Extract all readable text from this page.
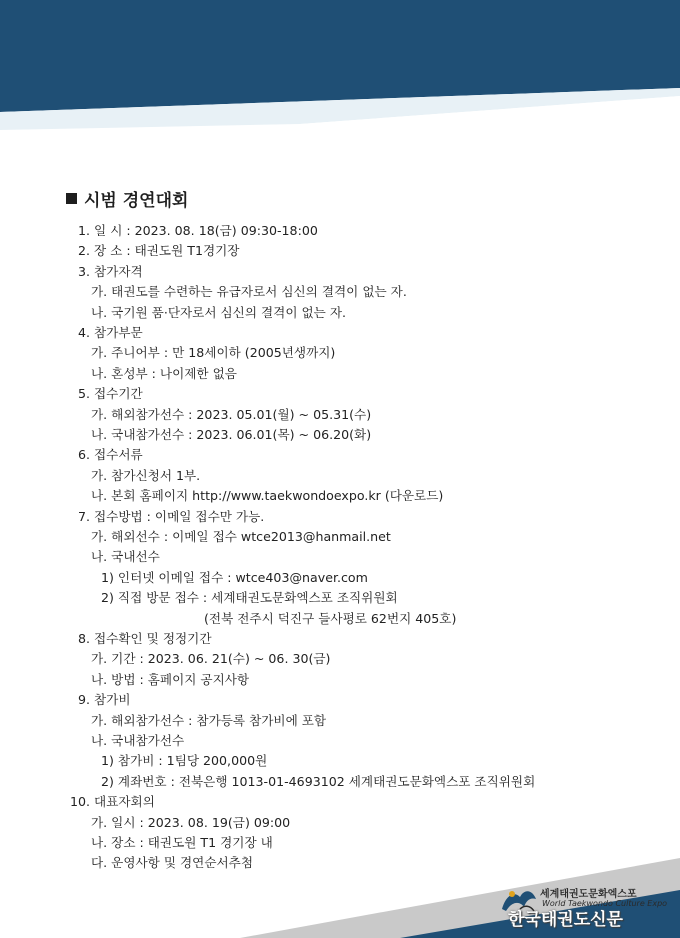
시범 경연대회
1. 일 시 : 2023. 08. 18(금) 09:30-18:00
2. 장 소 : 태권도원 T1경기장
3. 참가자격
가. 태권도를 수련하는 유급자로서 심신의 결격이 없는 자.
나. 국기원 품·단자로서 심신의 결격이 없는 자.
4. 참가부문
가. 주니어부 : 만 18세이하 (2005년생까지)
나. 혼성부 : 나이제한 없음
5. 접수기간
가. 해외참가선수 : 2023. 05.01(월) ~ 05.31(수)
나. 국내참가선수 : 2023. 06.01(목) ~ 06.20(화)
6. 접수서류
가. 참가신청서 1부.
나. 본회 홈페이지 http://www.taekwondoexpo.kr (다운로드)
7. 접수방법 : 이메일 접수만 가능.
가. 해외선수 : 이메일 접수 wtce2013@hanmail.net
나. 국내선수
1) 인터넷 이메일 접수 : wtce403@naver.com
2) 직접 방문 접수 : 세계태권도문화엑스포 조직위원회
(전북 전주시 덕진구 들사평로 62번지 405호)
8. 접수확인 및 정정기간
가. 기간 : 2023. 06. 21(수) ~ 06. 30(금)
나. 방법 : 홈페이지 공지사항
9. 참가비
가. 해외참가선수 : 참가등록 참가비에 포함
나. 국내참가선수
1) 참가비 : 1팀당 200,000원
2) 계좌번호 : 전북은행 1013-01-4693102 세계태권도문화엑스포 조직위원회
10. 대표자회의
가. 일시 : 2023. 08. 19(금) 09:00
나. 장소 : 태권도원 T1 경기장 내
다. 운영사항 및 경연순서추첨
세계태권도문화엑스포
World Taekwondo Culture Expo
한국태권도신문
